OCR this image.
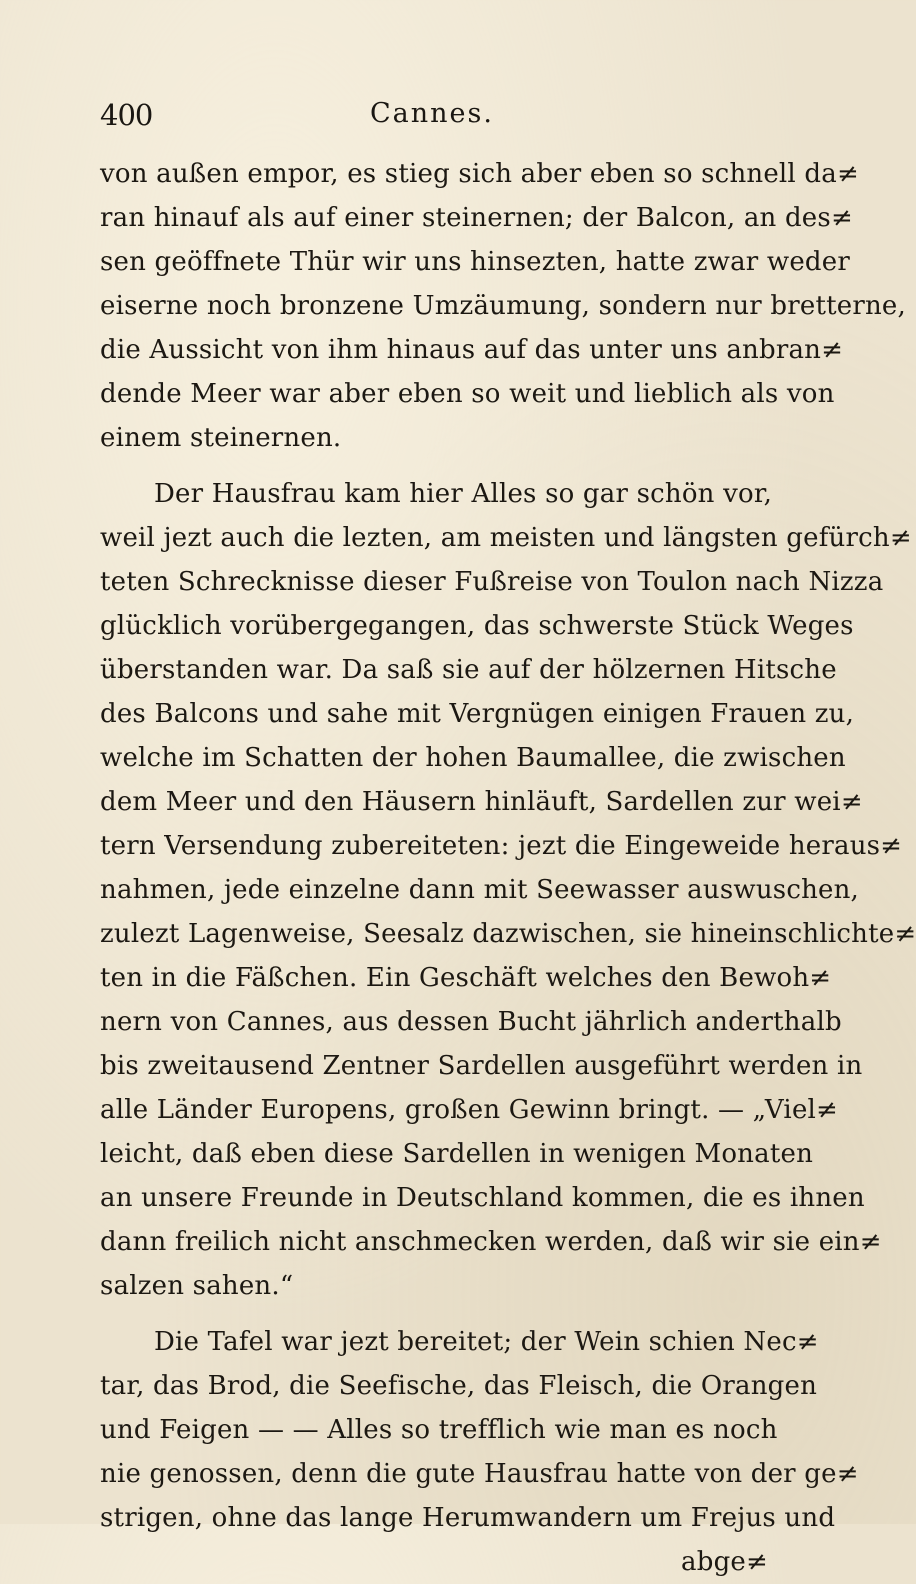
400	Cannes.
von außen empor, es stieg sich aber eben so schnell da≠
ran hinauf als auf einer steinernen; der Balcon, an des≠
sen geöffnete Thür wir uns hinsezten, hatte zwar weder
eiserne noch bronzene Umzäumung, sondern nur bretterne,
die Aussicht von ihm hinaus auf das unter uns anbran≠
dende Meer war aber eben so weit und lieblich als von
einem steinernen.
Der Hausfrau kam hier Alles so gar schön vor,
weil jezt auch die lezten, am meisten und längsten gefürch≠
teten Schrecknisse dieser Fußreise von Toulon nach Nizza
glücklich vorübergegangen, das schwerste Stück Weges
überstanden war. Da saß sie auf der hölzernen Hitsche
des Balcons und sahe mit Vergnügen einigen Frauen zu,
welche im Schatten der hohen Baumallee, die zwischen
dem Meer und den Häusern hinläuft, Sardellen zur wei≠
tern Versendung zubereiteten: jezt die Eingeweide heraus≠
nahmen, jede einzelne dann mit Seewasser auswuschen,
zulezt Lagenweise, Seesalz dazwischen, sie hineinschlichte≠
ten in die Fäßchen. Ein Geschäft welches den Bewoh≠
nern von Cannes, aus dessen Bucht jährlich anderthalb
bis zweitausend Zentner Sardellen ausgeführt werden in
alle Länder Europens, großen Gewinn bringt. — „Viel≠
leicht, daß eben diese Sardellen in wenigen Monaten
an unsere Freunde in Deutschland kommen, die es ihnen
dann freilich nicht anschmecken werden, daß wir sie ein≠
salzen sahen.“
Die Tafel war jezt bereitet; der Wein schien Nec≠
tar, das Brod, die Seefische, das Fleisch, die Orangen
und Feigen — — Alles so trefflich wie man es noch
nie genossen, denn die gute Hausfrau hatte von der ge≠
strigen, ohne das lange Herumwandern um Frejus und
abge≠
